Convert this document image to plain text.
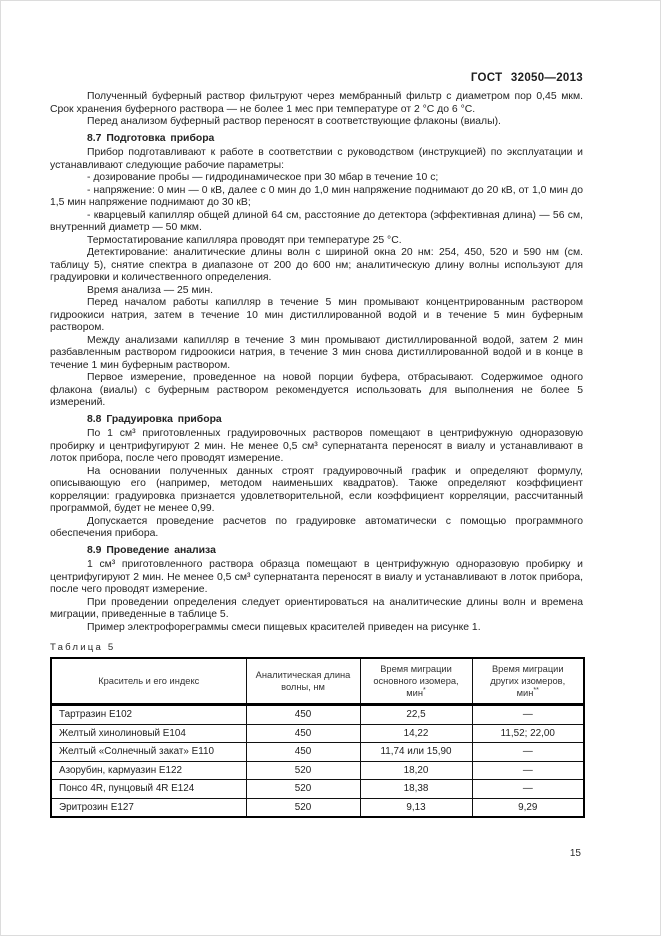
ГОСТ 32050—2013

Полученный буферный раствор фильтруют через мембранный фильтр с диаметром пор 0,45 мкм. Срок хранения буферного раствора — не более 1 мес при температуре от 2 °С до 6 °С.

Перед анализом буферный раствор переносят в соответствующие флаконы (виалы).

8.7 Подготовка прибора

Прибор подготавливают к работе в соответствии с руководством (инструкцией) по эксплуатации и устанавливают следующие рабочие параметры:

- дозирование пробы — гидродинамическое при 30 мбар в течение 10 с;

- напряжение: 0 мин — 0 кВ, далее с 0 мин до 1,0 мин напряжение поднимают до 20 кВ, от 1,0 мин до 1,5 мин напряжение поднимают до 30 кВ;

- кварцевый капилляр общей длиной 64 см, расстояние до детектора (эффективная длина) — 56 см, внутренний диаметр — 50 мкм.

Термостатирование капилляра проводят при температуре 25 °С.

Детектирование: аналитические длины волн с шириной окна 20 нм: 254, 450, 520 и 590 нм (см. таблицу 5), снятие спектра в диапазоне от 200 до 600 нм; аналитическую длину волны используют для градуировки и количественного определения.

Время анализа — 25 мин.

Перед началом работы капилляр в течение 5 мин промывают концентрированным раствором гидроокиси натрия, затем в течение 10 мин дистиллированной водой и в течение 5 мин буферным раствором.

Между анализами капилляр в течение 3 мин промывают дистиллированной водой, затем 2 мин разбавленным раствором гидроокиси натрия, в течение 3 мин снова дистиллированной водой и в конце в течение 1 мин буферным раствором.

Первое измерение, проведенное на новой порции буфера, отбрасывают. Содержимое одного флакона (виалы) с буферным раствором рекомендуется использовать для выполнения не более 5 измерений.

8.8 Градуировка прибора

По 1 см³ приготовленных градуировочных растворов помещают в центрифужную одноразовую пробирку и центрифугируют 2 мин. Не менее 0,5 см³ супернатанта переносят в виалу и устанавливают в лоток прибора, после чего проводят измерение.

На основании полученных данных строят градуировочный график и определяют формулу, описывающую его (например, методом наименьших квадратов). Также определяют коэффициент корреляции: градуировка признается удовлетворительной, если коэффициент корреляции, рассчитанный программой, будет не менее 0,99.

Допускается проведение расчетов по градуировке автоматически с помощью программного обеспечения прибора.

8.9 Проведение анализа

1 см³ приготовленного раствора образца помещают в центрифужную одноразовую пробирку и центрифугируют 2 мин. Не менее 0,5 см³ супернатанта переносят в виалу и устанавливают в лоток прибора, после чего проводят измерение.

При проведении определения следует ориентироваться на аналитические длины волн и времена миграции, приведенные в таблице 5.

Пример электрофореграммы смеси пищевых красителей приведен на рисунке 1.

Таблица 5

Краситель и его индекс	Аналитическая длина волны, нм	Время миграции основного изомера, мин*	Время миграции других изомеров, мин**
Тартразин Е102	450	22,5	—
Желтый хинолиновый Е104	450	14,22	11,52; 22,00
Желтый «Солнечный закат» Е110	450	11,74 или 15,90	—
Азорубин, кармуазин Е122	520	18,20	—
Понсо 4R, пунцовый 4R Е124	520	18,38	—
Эритрозин Е127	520	9,13	9,29
15
